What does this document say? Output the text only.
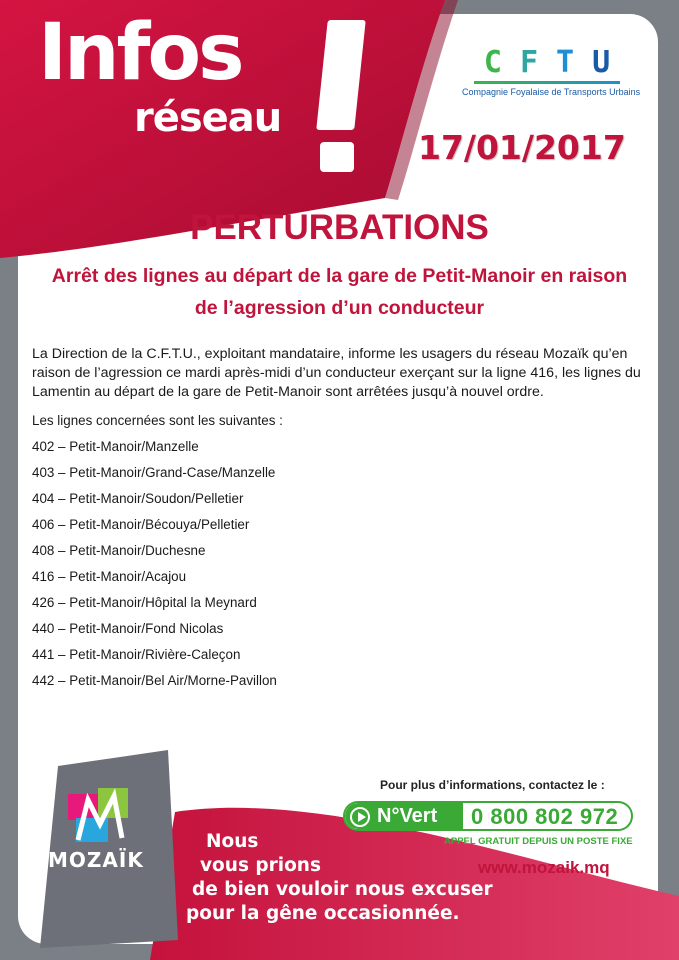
Infos
réseau
C F T U
Compagnie Foyalaise de Transports Urbains
17/01/2017
PERTURBATIONS
Arrêt des lignes au départ de la gare de Petit-Manoir en raison
de l’agression d’un conducteur
La Direction de la C.F.T.U., exploitant mandataire, informe les usagers du réseau Mozaïk qu’en raison de l’agression ce mardi après-midi d’un conducteur exerçant sur la ligne 416, les lignes du Lamentin au départ de la gare de Petit-Manoir sont arrêtées jusqu’à nouvel ordre.
Les lignes concernées sont les suivantes :
402 – Petit-Manoir/Manzelle
403 – Petit-Manoir/Grand-Case/Manzelle
404 – Petit-Manoir/Soudon/Pelletier
406 – Petit-Manoir/Bécouya/Pelletier
408 – Petit-Manoir/Duchesne
416 – Petit-Manoir/Acajou
426 – Petit-Manoir/Hôpital la Meynard
440 – Petit-Manoir/Fond Nicolas
441 – Petit-Manoir/Rivière-Caleçon
442 – Petit-Manoir/Bel Air/Morne-Pavillon
MOZAÏK
Pour plus d’informations, contactez le :
N°Vert 0 800 802 972
APPEL GRATUIT DEPUIS UN POSTE FIXE
www.mozaik.mq
Nous
vous prions
de bien vouloir nous excuser
pour la gêne occasionnée.
